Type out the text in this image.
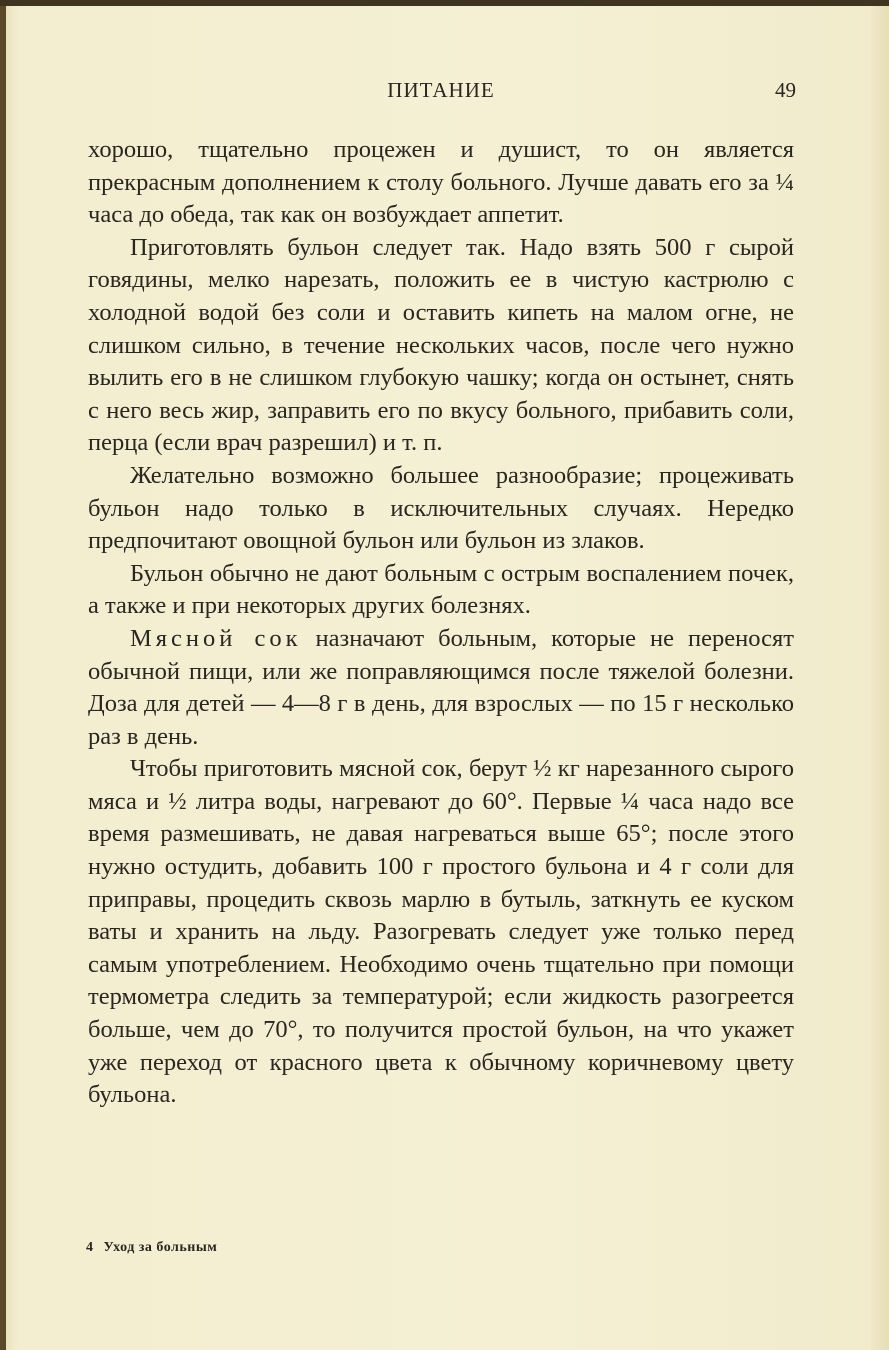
ПИТАНИЕ	49

хорошо, тщательно процежен и душист, то он является прекрасным дополнением к столу больного. Лучше давать его за ¼ часа до обеда, так как он возбуждает аппетит.

Приготовлять бульон следует так. Надо взять 500 г сырой говядины, мелко нарезать, положить ее в чистую кастрюлю с холодной водой без соли и оставить кипеть на малом огне, не слишком сильно, в течение нескольких часов, после чего нужно вылить его в не слишком глубокую чашку; когда он остынет, снять с него весь жир, заправить его по вкусу больного, прибавить соли, перца (если врач разрешил) и т. п.

Желательно возможно большее разнообразие; процеживать бульон надо только в исключительных случаях. Нередко предпочитают овощной бульон или бульон из злаков.

Бульон обычно не дают больным с острым воспалением почек, а также и при некоторых других болезнях.

Мясной сок назначают больным, которые не переносят обычной пищи, или же поправляющимся после тяжелой болезни. Доза для детей — 4—8 г в день, для взрослых — по 15 г несколько раз в день.

Чтобы приготовить мясной сок, берут ½ кг нарезанного сырого мяса и ½ литра воды, нагревают до 60°. Первые ¼ часа надо все время размешивать, не давая нагреваться выше 65°; после этого нужно остудить, добавить 100 г простого бульона и 4 г соли для приправы, процедить сквозь марлю в бутыль, заткнуть ее куском ваты и хранить на льду. Разогревать следует уже только перед самым употреблением. Необходимо очень тщательно при помощи термометра следить за температурой; если жидкость разогреется больше, чем до 70°, то получится простой бульон, на что укажет уже переход от красного цвета к обычному коричневому цвету бульона.

4 Уход за больным
